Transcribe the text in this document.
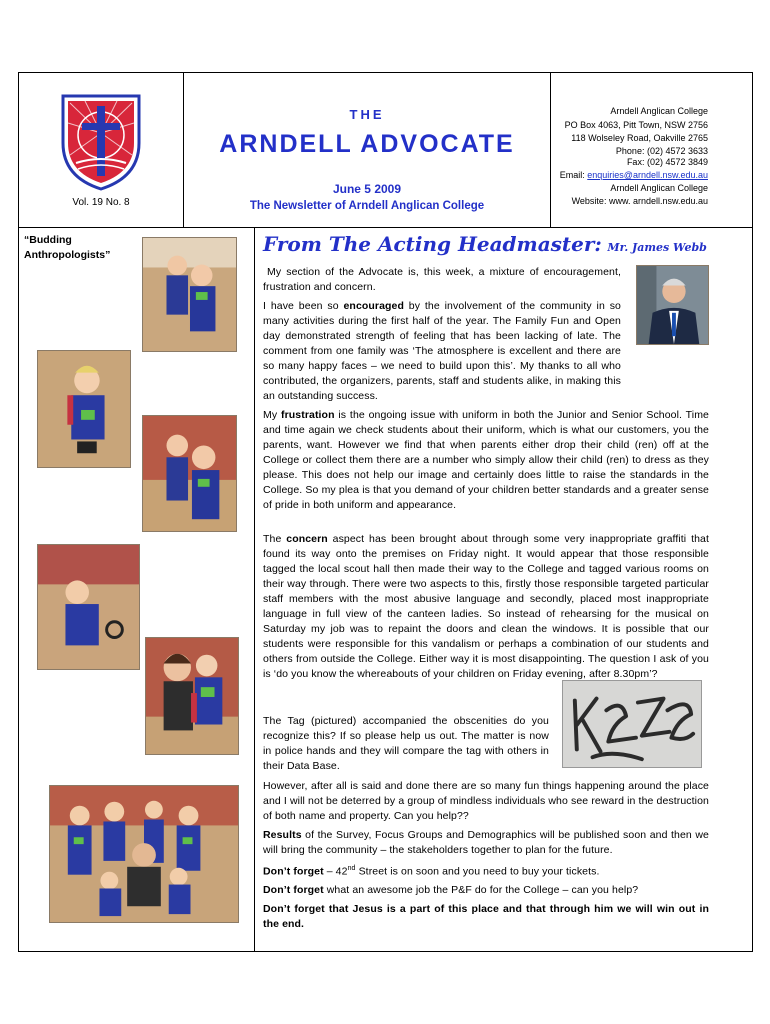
Vol. 19 No. 8
THE
ARNDELL ADVOCATE
June 5 2009
The Newsletter of Arndell Anglican College
Arndell Anglican College
PO Box 4063, Pitt Town, NSW 2756
118 Wolseley Road, Oakville 2765
Phone: (02) 4572 3633
Fax: (02) 4572 3849
Email: enquiries@arndell.nsw.edu.au
Arndell Anglican College
Website: www. arndell.nsw.edu.au
“Budding
Anthropologists”	From The Acting Headmaster: Mr. James Webb
My section of the Advocate is, this week, a mixture of encouragement, frustration and concern.
I have been so encouraged by the involvement of the community in so many activities during the first half of the year. The Family Fun and Open day demonstrated strength of feeling that has been lacking of late. The comment from one family was ‘The atmosphere is excellent and there are so many happy faces – we need to build upon this’. My thanks to all who contributed, the organizers, parents, staff and students alike, in making this an outstanding success.
My frustration is the ongoing issue with uniform in both the Junior and Senior School. Time and time again we check students about their uniform, which is what our customers, you the parents, want. However we find that when parents either drop their child (ren) off at the College or collect them there are a number who simply allow their child (ren) to dress as they please. This does not help our image and certainly does little to raise the standards in the College. So my plea is that you demand of your children better standards and a greater sense of pride in both uniform and appearance.
The concern aspect has been brought about through some very inappropriate graffiti that found its way onto the premises on Friday night. It would appear that those responsible tagged the local scout hall then made their way to the College and tagged various rooms on their way through. There were two aspects to this, firstly those responsible targeted particular staff members with the most abusive language and secondly, placed most inappropriate language in full view of the canteen ladies. So instead of rehearsing for the musical on Saturday my job was to repaint the doors and clean the windows. It is possible that our students were responsible for this vandalism or perhaps a combination of our students and others from outside the College. Either way it is most disappointing. The question I ask of you is ‘do you know the whereabouts of your children on Friday evening, after 8.30pm’?
The Tag (pictured) accompanied the obscenities do you recognize this? If so please help us out. The matter is now in police hands and they will compare the tag with others in their Data Base.
However, after all is said and done there are so many fun things happening around the place and I will not be deterred by a group of mindless individuals who see reward in the destruction of both name and property. Can you help??
Results of the Survey, Focus Groups and Demographics will be published soon and then we will bring the community – the stakeholders together to plan for the future.
Don’t forget – 42nd Street is on soon and you need to buy your tickets.
Don’t forget what an awesome job the P&F do for the College – can you help?
Don’t forget that Jesus is a part of this place and that through him we will win out in the end.
